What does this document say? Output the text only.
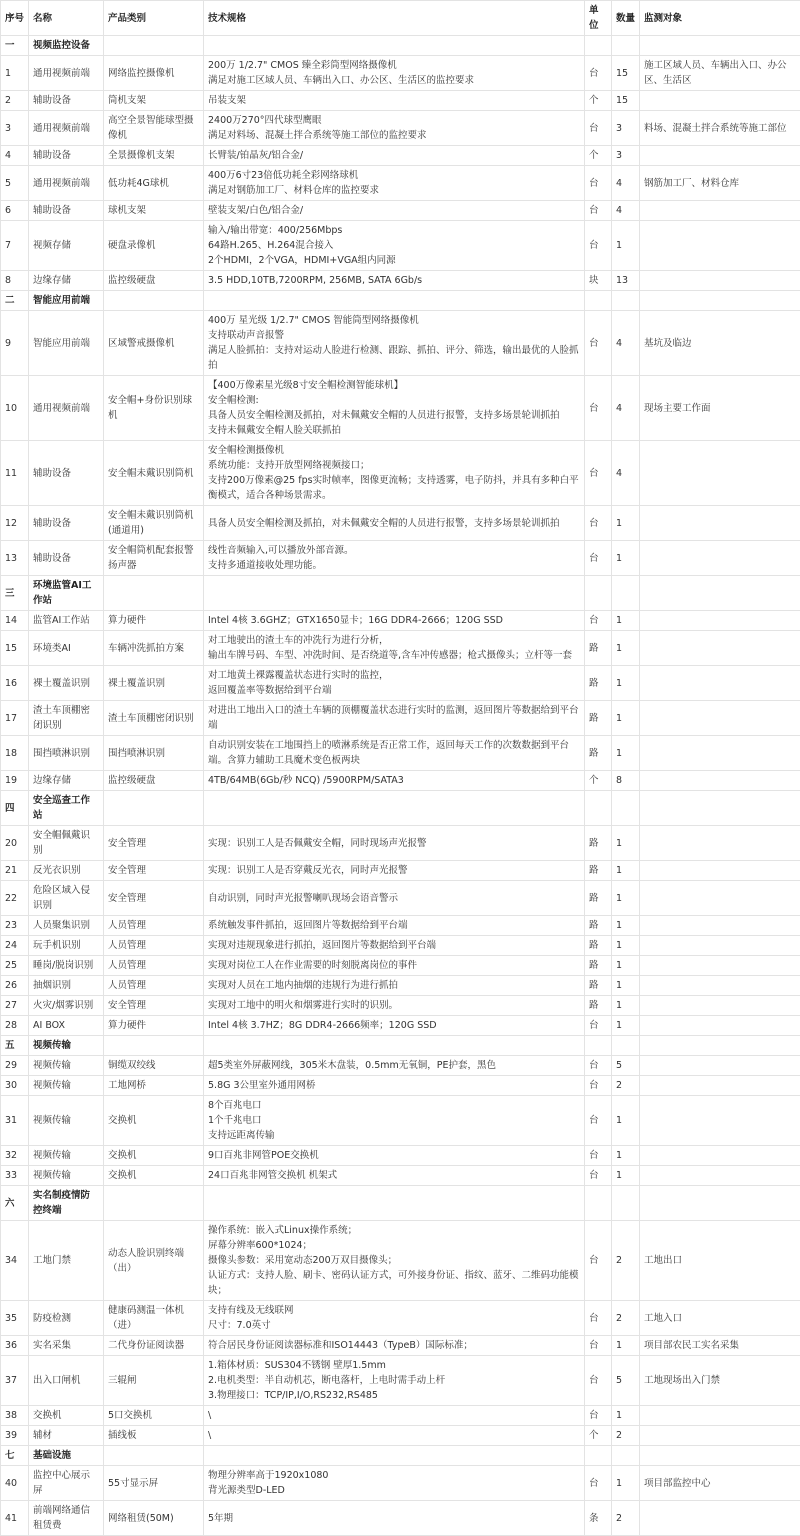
序号	名称	产品类别	技术规格	单位	数量	监测对象
一	视频监控设备					
1	通用视频前端	网络监控摄像机	200万 1/2.7" CMOS 臻全彩筒型网络摄像机
满足对施工区域人员、车辆出入口、办公区、生活区的监控要求	台	15	施工区域人员、车辆出入口、办公区、生活区
2	辅助设备	筒机支架	吊装支架	个	15	
3	通用视频前端	高空全景智能球型摄像机	2400万270°四代球型鹰眼
满足对料场、混凝土拌合系统等施工部位的监控要求	台	3	料场、混凝土拌合系统等施工部位
4	辅助设备	全景摄像机支架	长臂装/铂晶灰/铝合金/	个	3	
5	通用视频前端	低功耗4G球机	400万6寸23倍低功耗全彩网络球机
满足对钢筋加工厂、材料仓库的监控要求	台	4	钢筋加工厂、材料仓库
6	辅助设备	球机支架	壁装支架/白色/铝合金/	台	4	
7	视频存储	硬盘录像机	输入/输出带宽：400/256Mbps
64路H.265、H.264混合接入
2个HDMI，2个VGA，HDMI+VGA组内同源	台	1	
8	边缘存储	监控级硬盘	3.5 HDD,10TB,7200RPM, 256MB, SATA 6Gb/s	块	13	
二	智能应用前端					
9	智能应用前端	区域警戒摄像机	400万 星光级 1/2.7" CMOS 智能筒型网络摄像机
支持联动声音报警
满足人脸抓拍：支持对运动人脸进行检测、跟踪、抓拍、评分、筛选，输出最优的人脸抓拍	台	4	基坑及临边
10	通用视频前端	安全帽+身份识别球机	【400万像素星光级8寸安全帽检测智能球机】
安全帽检测:
具备人员安全帽检测及抓拍，对未佩戴安全帽的人员进行报警，支持多场景轮训抓拍
支持未佩戴安全帽人脸关联抓拍	台	4	现场主要工作面
11	辅助设备	安全帽未戴识别筒机	安全帽检测摄像机
系统功能：支持开放型网络视频接口；
支持200万像素@25 fps实时帧率，图像更流畅；支持透雾，电子防抖，并具有多种白平衡模式，适合各种场景需求。	台	4	
12	辅助设备	安全帽未戴识别筒机(通道用)	具备人员安全帽检测及抓拍，对未佩戴安全帽的人员进行报警，支持多场景轮训抓拍	台	1	
13	辅助设备	安全帽筒机配套报警扬声器	线性音频输入,可以播放外部音源。
支持多通道接收处理功能。	台	1	
三	环境监管AI工作站					
14	监管AI工作站	算力硬件	Intel 4核 3.6GHZ；GTX1650显卡；16G DDR4-2666；120G SSD	台	1	
15	环境类AI	车辆冲洗抓拍方案	对工地驶出的渣土车的冲洗行为进行分析，
输出车牌号码、车型、冲洗时间、是否绕道等,含车冲传感器；枪式摄像头；立杆等一套	路	1	
16	裸土覆盖识别	裸土覆盖识别	对工地黄土裸露覆盖状态进行实时的监控，
返回覆盖率等数据给到平台端	路	1	
17	渣土车顶棚密闭识别	渣土车顶棚密闭识别	对进出工地出入口的渣土车辆的顶棚覆盖状态进行实时的监测，返回图片等数据给到平台端	路	1	
18	围挡喷淋识别	围挡喷淋识别	自动识别安装在工地围挡上的喷淋系统是否正常工作，返回每天工作的次数数据到平台端。含算力辅助工具魔术变色板两块	路	1	
19	边缘存储	监控级硬盘	4TB/64MB(6Gb/秒 NCQ) /5900RPM/SATA3	个	8	
四	安全巡查工作站					
20	安全帽佩戴识别	安全管理	实现：识别工人是否佩戴安全帽，同时现场声光报警	路	1	
21	反光衣识别	安全管理	实现：识别工人是否穿戴反光衣，同时声光报警	路	1	
22	危险区域入侵识别	安全管理	自动识别，同时声光报警喇叭现场会语音警示	路	1	
23	人员聚集识别	人员管理	系统触发事件抓拍，返回图片等数据给到平台端	路	1	
24	玩手机识别	人员管理	实现对违规现象进行抓拍，返回图片等数据给到平台端	路	1	
25	睡岗/脱岗识别	人员管理	实现对岗位工人在作业需要的时刻脱离岗位的事件	路	1	
26	抽烟识别	人员管理	实现对人员在工地内抽烟的违规行为进行抓拍	路	1	
27	火灾/烟雾识别	安全管理	实现对工地中的明火和烟雾进行实时的识别。	路	1	
28	AI BOX	算力硬件	Intel 4核 3.7HZ；8G DDR4-2666频率；120G SSD	台	1	
五	视频传输					
29	视频传输	铜缆双绞线	超5类室外屏蔽网线，305米木盘装，0.5mm无氧铜，PE护套，黑色	台	5	
30	视频传输	工地网桥	5.8G 3公里室外通用网桥	台	2	
31	视频传输	交换机	8个百兆电口
1个千兆电口
支持远距离传输	台	1	
32	视频传输	交换机	9口百兆非网管POE交换机	台	1	
33	视频传输	交换机	24口百兆非网管交换机 机架式	台	1	
六	实名制疫情防控终端					
34	工地门禁	动态人脸识别终端（出）	操作系统：嵌入式Linux操作系统；
屏幕分辨率600*1024；
摄像头参数：采用宽动态200万双目摄像头；
认证方式：支持人脸、刷卡、密码认证方式，可外接身份证、指纹、蓝牙、二维码功能模块；	台	2	工地出口
35	防疫检测	健康码测温一体机（进）	支持有线及无线联网
尺寸：7.0英寸	台	2	工地入口
36	实名采集	二代身份证阅读器	符合居民身份证阅读器标准和ISO14443（TypeB）国际标准；	台	1	项目部农民工实名采集
37	出入口闸机	三辊闸	1.箱体材质：SUS304不锈钢 壁厚1.5mm
2.电机类型：半自动机芯，断电落杆，上电时需手动上杆
3.物理接口：TCP/IP,I/O,RS232,RS485	台	5	工地现场出入门禁
38	交换机	5口交换机	\	台	1	
39	辅材	插线板	\	个	2	
七	基础设施					
40	监控中心展示屏	55寸显示屏	物理分辨率高于1920x1080
背光源类型D-LED	台	1	项目部监控中心
41	前端网络通信租赁费	网络租赁(50M)	5年期	条	2	
